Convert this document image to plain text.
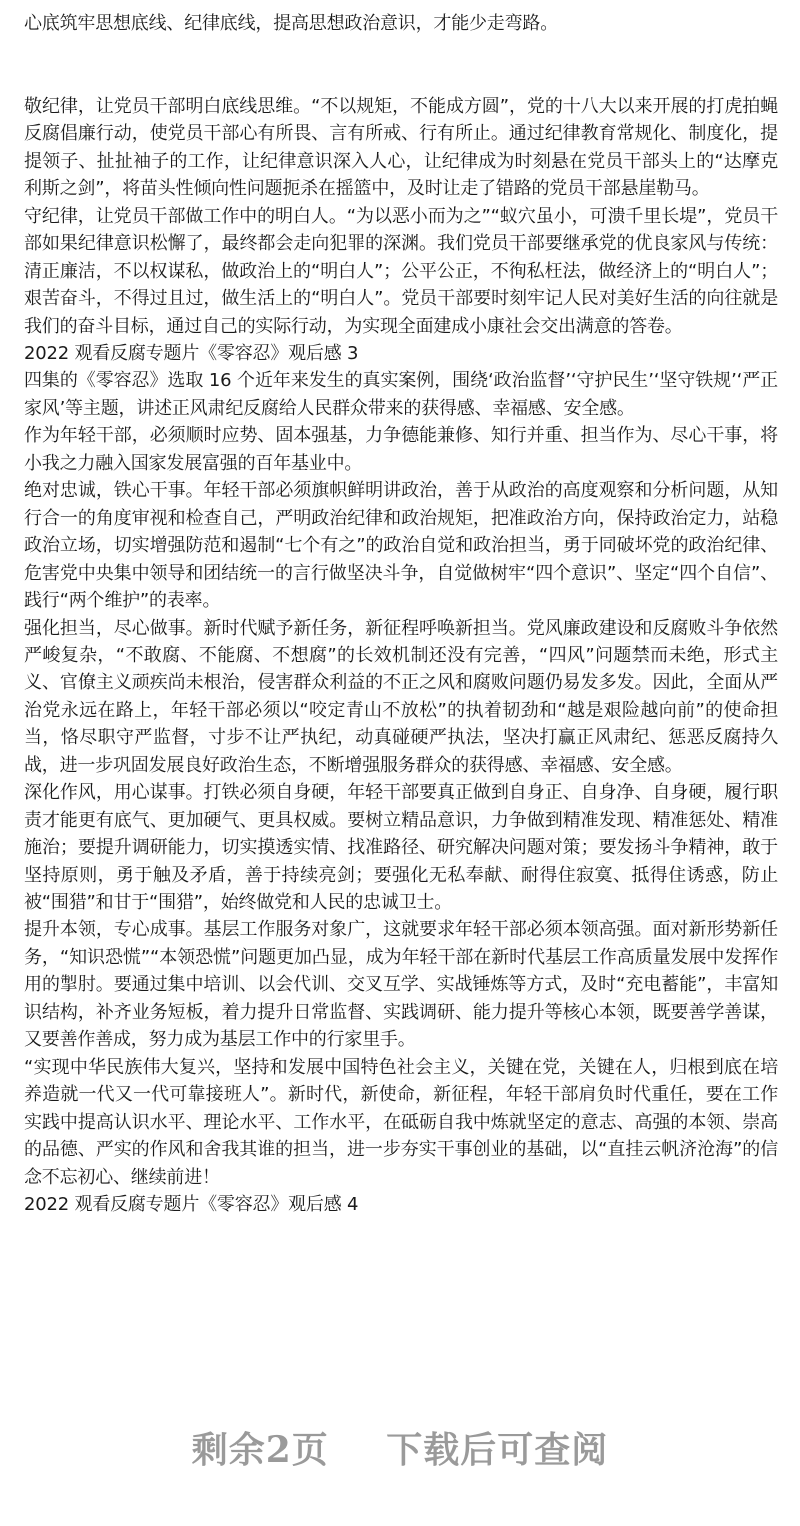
心底筑牢思想底线、纪律底线，提高思想政治意识，才能少走弯路。

敬纪律，让党员干部明白底线思维。“不以规矩，不能成方圆”，党的十八大以来开展的打虎拍蝇反腐倡廉行动，使党员干部心有所畏、言有所戒、行有所止。通过纪律教育常规化、制度化，提提领子、扯扯袖子的工作，让纪律意识深入人心，让纪律成为时刻悬在党员干部头上的“达摩克利斯之剑”，将苗头性倾向性问题扼杀在摇篮中，及时让走了错路的党员干部悬崖勒马。

守纪律，让党员干部做工作中的明白人。“为以恶小而为之”“蚁穴虽小，可溃千里长堤”，党员干部如果纪律意识松懈了，最终都会走向犯罪的深渊。我们党员干部要继承党的优良家风与传统：清正廉洁，不以权谋私，做政治上的“明白人”；公平公正，不徇私枉法，做经济上的“明白人”；艰苦奋斗，不得过且过，做生活上的“明白人”。党员干部要时刻牢记人民对美好生活的向往就是我们的奋斗目标，通过自己的实际行动，为实现全面建成小康社会交出满意的答卷。

2022 观看反腐专题片《零容忍》观后感 3

四集的《零容忍》选取 16 个近年来发生的真实案例，围绕‘政治监督’‘守护民生’‘坚守铁规’‘严正家风’等主题，讲述正风肃纪反腐给人民群众带来的获得感、幸福感、安全感。

作为年轻干部，必须顺时应势、固本强基，力争德能兼修、知行并重、担当作为、尽心干事，将小我之力融入国家发展富强的百年基业中。

绝对忠诚，铁心干事。年轻干部必须旗帜鲜明讲政治，善于从政治的高度观察和分析问题，从知行合一的角度审视和检查自己，严明政治纪律和政治规矩，把准政治方向，保持政治定力，站稳政治立场，切实增强防范和遏制“七个有之”的政治自觉和政治担当，勇于同破坏党的政治纪律、危害党中央集中领导和团结统一的言行做坚决斗争，自觉做树牢“四个意识”、坚定“四个自信”、践行“两个维护”的表率。

强化担当，尽心做事。新时代赋予新任务，新征程呼唤新担当。党风廉政建设和反腐败斗争依然严峻复杂，“不敢腐、不能腐、不想腐”的长效机制还没有完善，“四风”问题禁而未绝，形式主义、官僚主义顽疾尚未根治，侵害群众利益的不正之风和腐败问题仍易发多发。因此，全面从严治党永远在路上，年轻干部必须以“咬定青山不放松”的执着韧劲和“越是艰险越向前”的使命担当，恪尽职守严监督，寸步不让严执纪，动真碰硬严执法，坚决打赢正风肃纪、惩恶反腐持久战，进一步巩固发展良好政治生态，不断增强服务群众的获得感、幸福感、安全感。

深化作风，用心谋事。打铁必须自身硬，年轻干部要真正做到自身正、自身净、自身硬，履行职责才能更有底气、更加硬气、更具权威。要树立精品意识，力争做到精准发现、精准惩处、精准施治；要提升调研能力，切实摸透实情、找准路径、研究解决问题对策；要发扬斗争精神，敢于坚持原则，勇于触及矛盾，善于持续亮剑；要强化无私奉献、耐得住寂寞、抵得住诱惑，防止被“围猎”和甘于“围猎”，始终做党和人民的忠诚卫士。

提升本领，专心成事。基层工作服务对象广，这就要求年轻干部必须本领高强。面对新形势新任务，“知识恐慌”“本领恐慌”问题更加凸显，成为年轻干部在新时代基层工作高质量发展中发挥作用的掣肘。要通过集中培训、以会代训、交叉互学、实战锤炼等方式，及时“充电蓄能”，丰富知识结构，补齐业务短板，着力提升日常监督、实践调研、能力提升等核心本领，既要善学善谋，又要善作善成，努力成为基层工作中的行家里手。

“实现中华民族伟大复兴，坚持和发展中国特色社会主义，关键在党，关键在人，归根到底在培养造就一代又一代可靠接班人”。新时代，新使命，新征程，年轻干部肩负时代重任，要在工作实践中提高认识水平、理论水平、工作水平，在砥砺自我中炼就坚定的意志、高强的本领、崇高的品德、严实的作风和舍我其谁的担当，进一步夯实干事创业的基础，以“直挂云帆济沧海”的信念不忘初心、继续前进！

2022 观看反腐专题片《零容忍》观后感 4

剩余2页 下载后可查阅
